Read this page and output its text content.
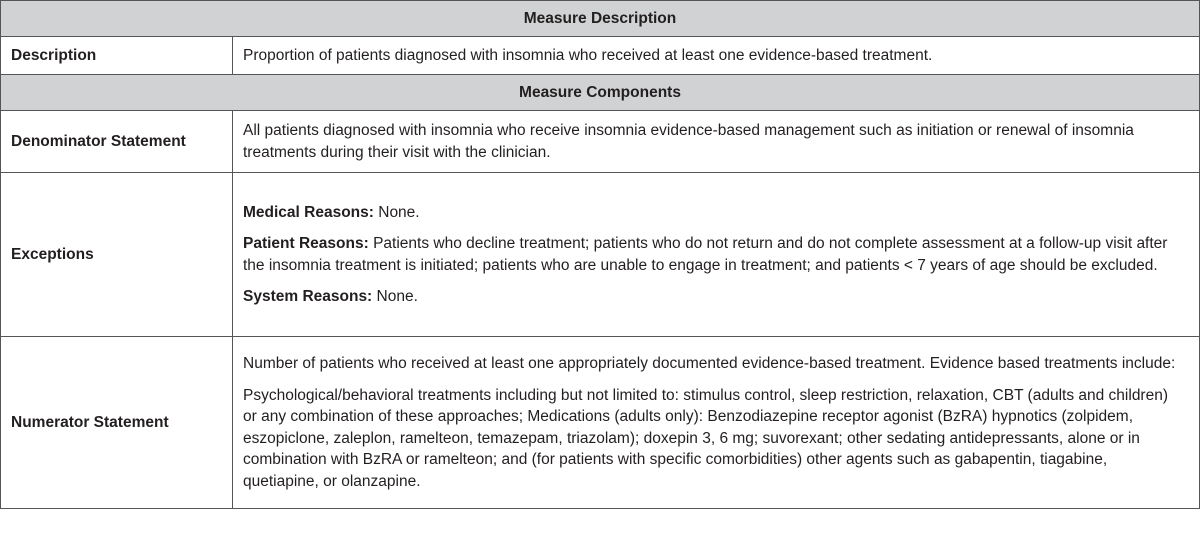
Measure Description	
Description	Proportion of patients diagnosed with insomnia who received at least one evidence-based treatment.
Measure Components	
Denominator Statement	All patients diagnosed with insomnia who receive insomnia evidence-based management such as initiation or renewal of insomnia treatments during their visit with the clinician.
Exceptions	Medical Reasons: None.

Patient Reasons: Patients who decline treatment; patients who do not return and do not complete assessment at a follow-up visit after the insomnia treatment is initiated; patients who are unable to engage in treatment; and patients < 7 years of age should be excluded.

System Reasons: None.

Numerator Statement	Number of patients who received at least one appropriately documented evidence-based treatment. Evidence based treatments include:

Psychological/behavioral treatments including but not limited to: stimulus control, sleep restriction, relaxation, CBT (adults and children) or any combination of these approaches; Medications (adults only): Benzodiazepine receptor agonist (BzRA) hypnotics (zolpidem, eszopiclone, zaleplon, ramelteon, temazepam, triazolam); doxepin 3, 6 mg; suvorexant; other sedating antidepressants, alone or in combination with BzRA or ramelteon; and (for patients with specific comorbidities) other agents such as gabapentin, tiagabine, quetiapine, or olanzapine.
